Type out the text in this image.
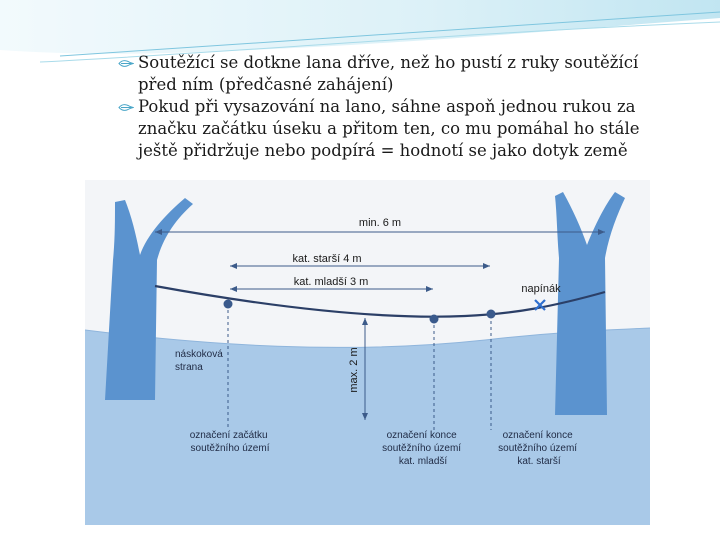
Soutěžící se dotkne lana dříve, než ho pustí z ruky soutěžící před ním (předčasné zahájení)
Pokud při vysazování na lano, sáhne aspoň jednou rukou za značku začátku úseku a přitom ten, co mu pomáhal ho stále ještě přidržuje nebo podpírá = hodnotí se jako dotyk země
min. 6 m
kat. starší 4 m
kat. mladší 3 m
napínák
max. 2 m
náskoková strana
označení začátku soutěžního území
označení konce soutěžního území kat. mladší
označení konce soutěžního území kat. starší
